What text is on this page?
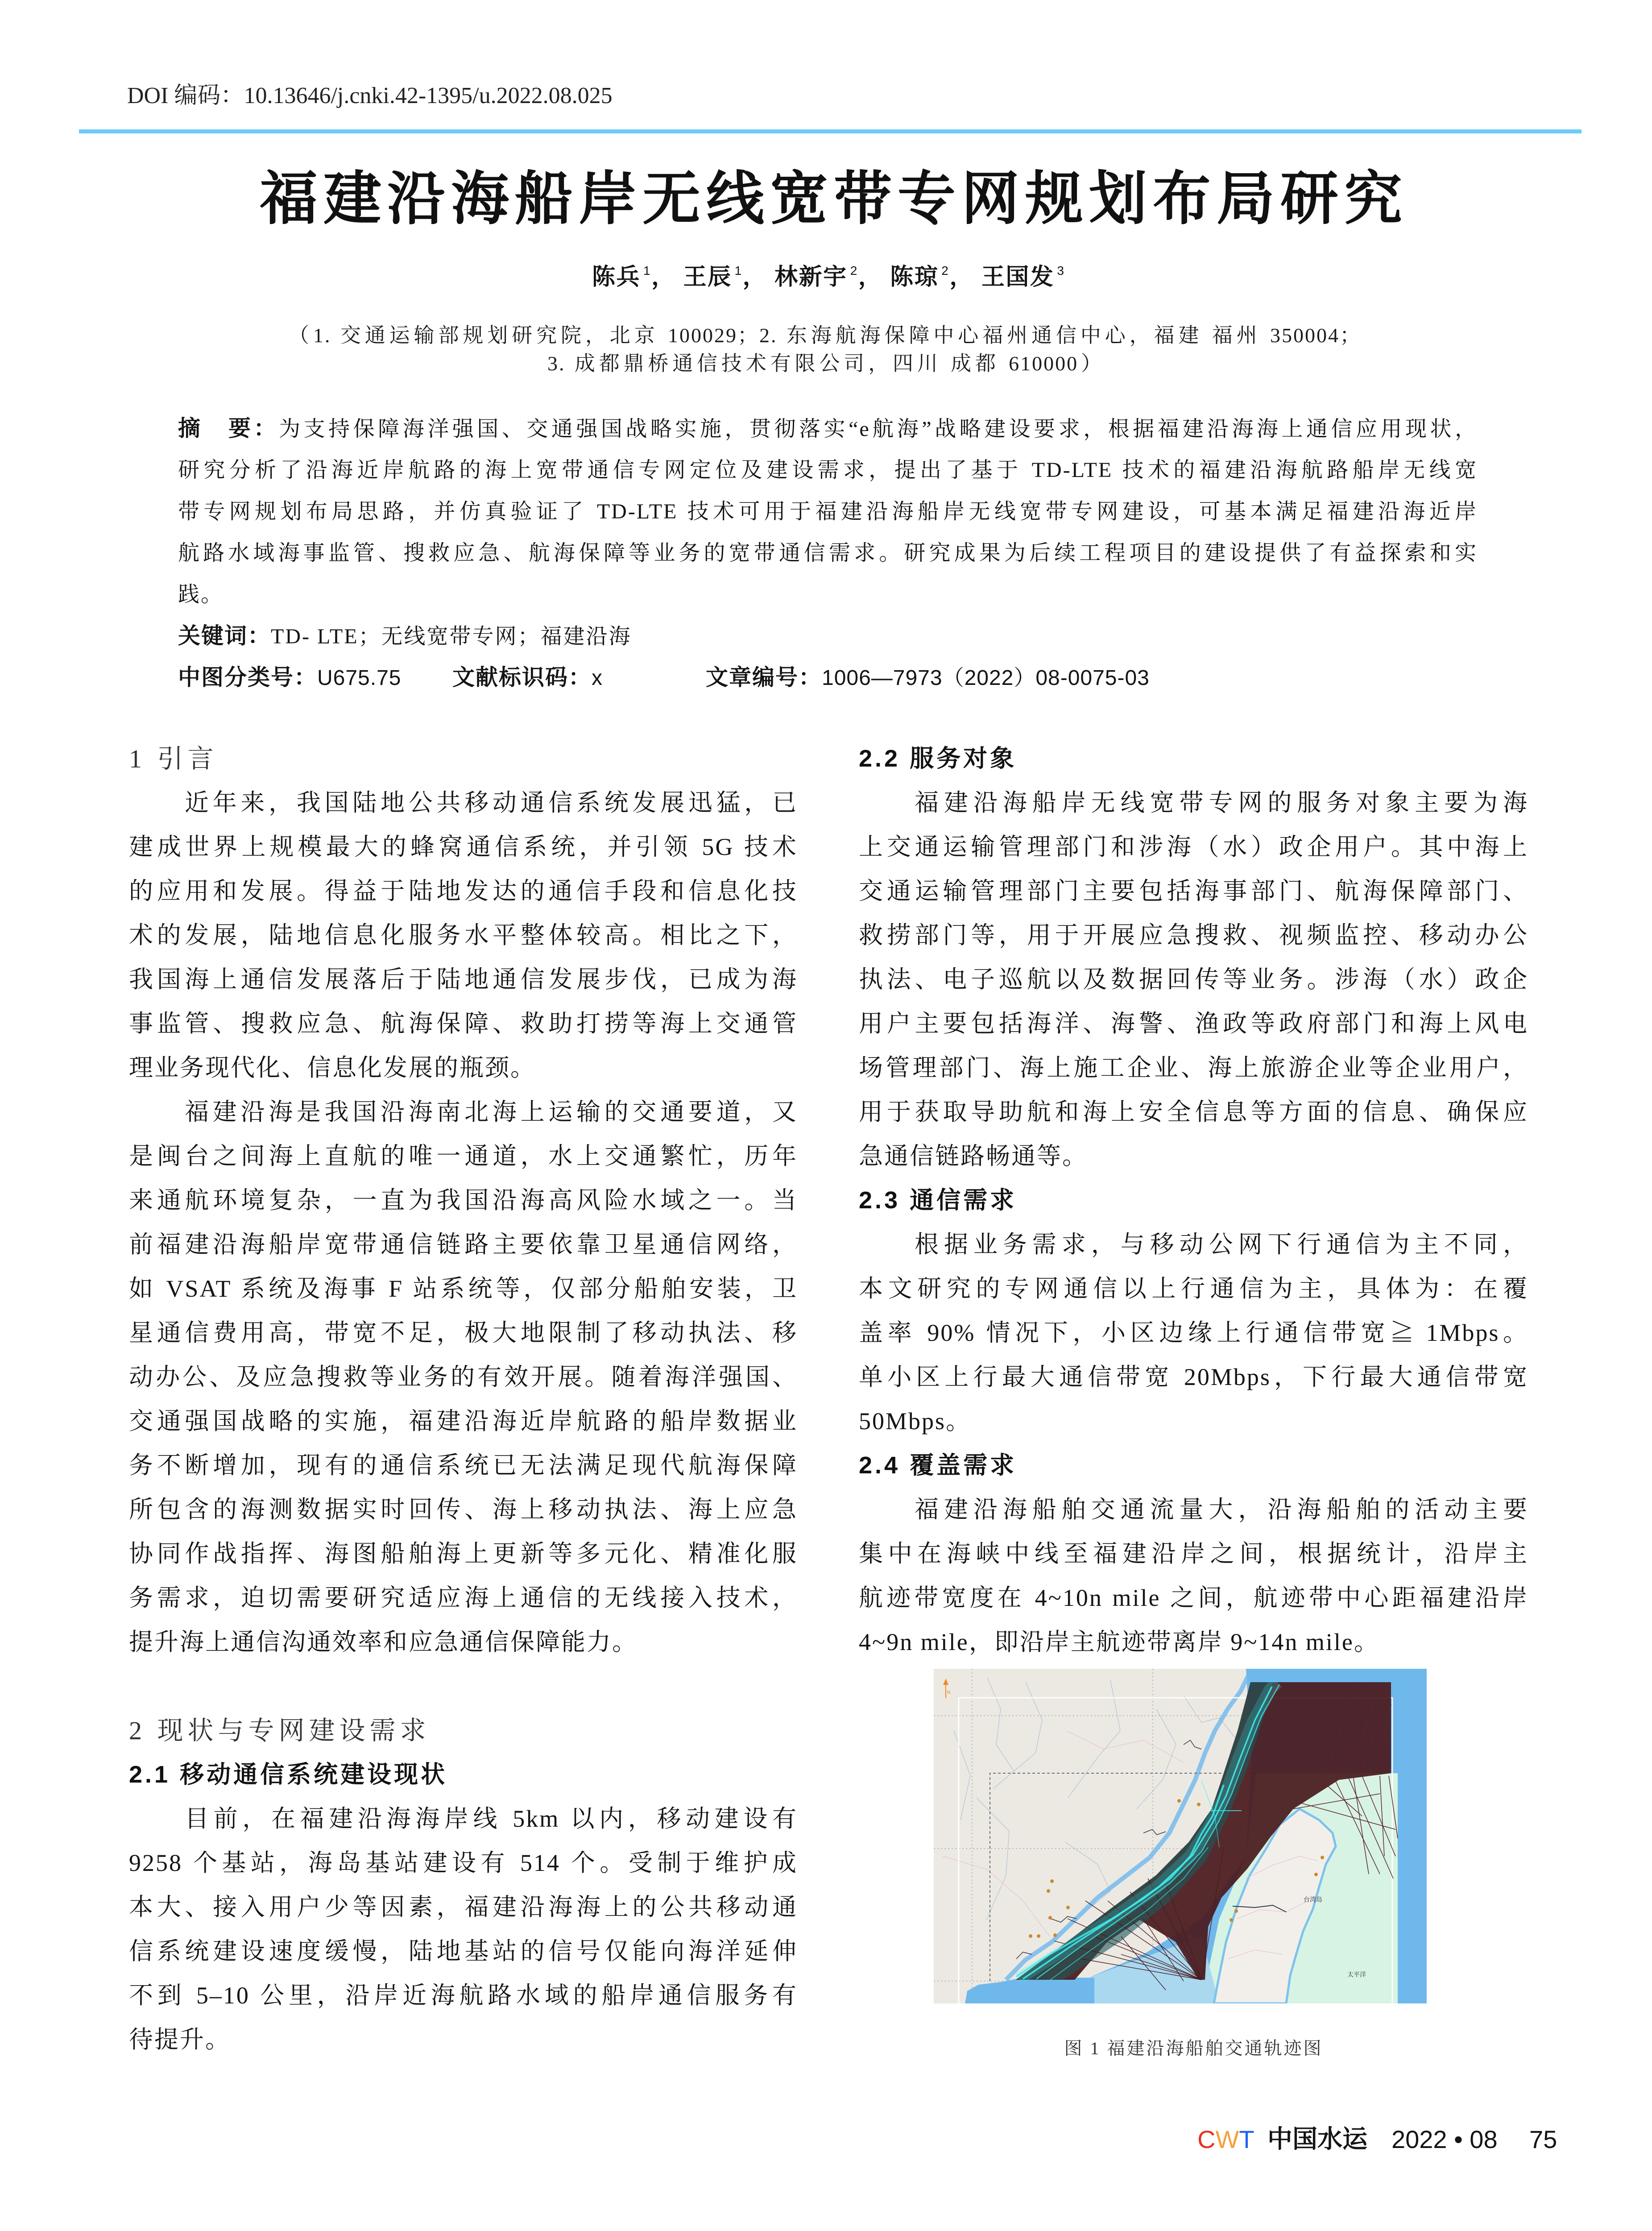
DOI 编码：10.13646/j.cnki.42-1395/u.2022.08.025
福建沿海船岸无线宽带专网规划布局研究
陈兵 $^1$， 王辰 $^1$， 林新宇 $^2$， 陈琼 $^2$， 王国发 $^3$
（1. 交通运输部规划研究院，北京 100029；2. 东海航海保障中心福州通信中心，福建 福州 350004；
3. 成都鼎桥通信技术有限公司，四川 成都 610000）
摘　要：为支持保障海洋强国、交通强国战略实施，贯彻落实“e航海”战略建设要求，根据福建沿海海上通信应用现状，
研究分析了沿海近岸航路的海上宽带通信专网定位及建设需求，提出了基于 TD-LTE 技术的福建沿海航路船岸无线宽
带专网规划布局思路，并仿真验证了 TD-LTE 技术可用于福建沿海船岸无线宽带专网建设，可基本满足福建沿海近岸
航路水域海事监管、搜救应急、航海保障等业务的宽带通信需求。研究成果为后续工程项目的建设提供了有益探索和实
践。
关键词：TD- LTE；无线宽带专网；福建沿海
中图分类号：U675.75 文献标识码：x	文章编号：1006—7973（2022）08-0075-03
1 引言
近年来，我国陆地公共移动通信系统发展迅猛，已
建成世界上规模最大的蜂窝通信系统，并引领 5G 技术
的应用和发展。得益于陆地发达的通信手段和信息化技
术的发展，陆地信息化服务水平整体较高。相比之下，
我国海上通信发展落后于陆地通信发展步伐，已成为海
事监管、搜救应急、航海保障、救助打捞等海上交通管
理业务现代化、信息化发展的瓶颈。
福建沿海是我国沿海南北海上运输的交通要道，又
是闽台之间海上直航的唯一通道，水上交通繁忙，历年
来通航环境复杂，一直为我国沿海高风险水域之一。当
前福建沿海船岸宽带通信链路主要依靠卫星通信网络，
如 VSAT 系统及海事 F 站系统等，仅部分船舶安装，卫
星通信费用高，带宽不足，极大地限制了移动执法、移
动办公、及应急搜救等业务的有效开展。随着海洋强国、
交通强国战略的实施，福建沿海近岸航路的船岸数据业
务不断增加，现有的通信系统已无法满足现代航海保障
所包含的海测数据实时回传、海上移动执法、海上应急
协同作战指挥、海图船舶海上更新等多元化、精准化服
务需求，迫切需要研究适应海上通信的无线接入技术，
提升海上通信沟通效率和应急通信保障能力。
2 现状与专网建设需求
2.1 移动通信系统建设现状
目前，在福建沿海海岸线 5km 以内，移动建设有
9258 个基站，海岛基站建设有 514 个。受制于维护成
本大、接入用户少等因素，福建沿海海上的公共移动通
信系统建设速度缓慢，陆地基站的信号仅能向海洋延伸
不到 5–10 公里，沿岸近海航路水域的船岸通信服务有
待提升。
2.2 服务对象
福建沿海船岸无线宽带专网的服务对象主要为海
上交通运输管理部门和涉海（水）政企用户。其中海上
交通运输管理部门主要包括海事部门、航海保障部门、
救捞部门等，用于开展应急搜救、视频监控、移动办公
执法、电子巡航以及数据回传等业务。涉海（水）政企
用户主要包括海洋、海警、渔政等政府部门和海上风电
场管理部门、海上施工企业、海上旅游企业等企业用户，
用于获取导助航和海上安全信息等方面的信息、确保应
急通信链路畅通等。
2.3 通信需求
根据业务需求，与移动公网下行通信为主不同，
本文研究的专网通信以上行通信为主，具体为：在覆
盖率 90% 情况下，小区边缘上行通信带宽≧ 1Mbps。
单小区上行最大通信带宽 20Mbps，下行最大通信带宽
50Mbps。
2.4 覆盖需求
福建沿海船舶交通流量大，沿海船舶的活动主要
集中在海峡中线至福建沿岸之间，根据统计，沿岸主
航迹带宽度在 4~10n mile 之间，航迹带中心距福建沿岸
4~9n mile，即沿岸主航迹带离岸 9~14n mile。
台湾岛
太平洋
N
图 1 福建沿海船舶交通轨迹图
CWT 中国水运 2022 • 08 75
